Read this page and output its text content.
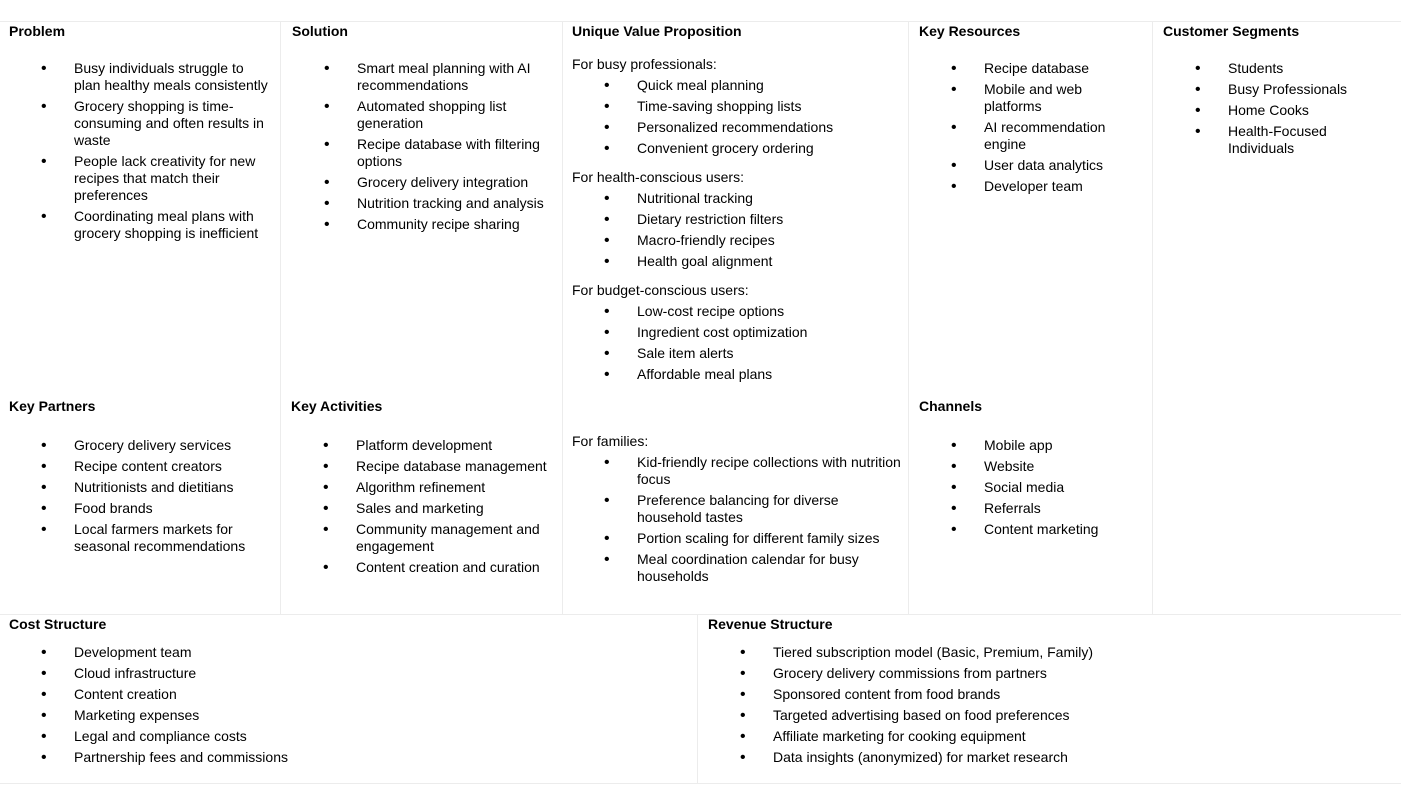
Problem
• Busy individuals struggle to plan healthy meals consistently
• Grocery shopping is time-consuming and often results in waste
• People lack creativity for new recipes that match their preferences
• Coordinating meal plans with grocery shopping is inefficient
Solution
• Smart meal planning with AI recommendations
• Automated shopping list generation
• Recipe database with filtering options
• Grocery delivery integration
• Nutrition tracking and analysis
• Community recipe sharing
Unique Value Proposition
For busy professionals:
• Quick meal planning
• Time-saving shopping lists
• Personalized recommendations
• Convenient grocery ordering
For health-conscious users:
• Nutritional tracking
• Dietary restriction filters
• Macro-friendly recipes
• Health goal alignment
For budget-conscious users:
• Low-cost recipe options
• Ingredient cost optimization
• Sale item alerts
• Affordable meal plans
For families:
• Kid-friendly recipe collections with nutrition focus
• Preference balancing for diverse household tastes
• Portion scaling for different family sizes
• Meal coordination calendar for busy households
Key Resources
• Recipe database
• Mobile and web platforms
• AI recommendation engine
• User data analytics
• Developer team
Customer Segments
• Students
• Busy Professionals
• Home Cooks
• Health-Focused Individuals
Key Partners
• Grocery delivery services
• Recipe content creators
• Nutritionists and dietitians
• Food brands
• Local farmers markets for seasonal recommendations
Key Activities
• Platform development
• Recipe database management
• Algorithm refinement
• Sales and marketing
• Community management and engagement
• Content creation and curation
Channels
• Mobile app
• Website
• Social media
• Referrals
• Content marketing
Cost Structure
• Development team
• Cloud infrastructure
• Content creation
• Marketing expenses
• Legal and compliance costs
• Partnership fees and commissions
Revenue Structure
• Tiered subscription model (Basic, Premium, Family)
• Grocery delivery commissions from partners
• Sponsored content from food brands
• Targeted advertising based on food preferences
• Affiliate marketing for cooking equipment
• Data insights (anonymized) for market research
